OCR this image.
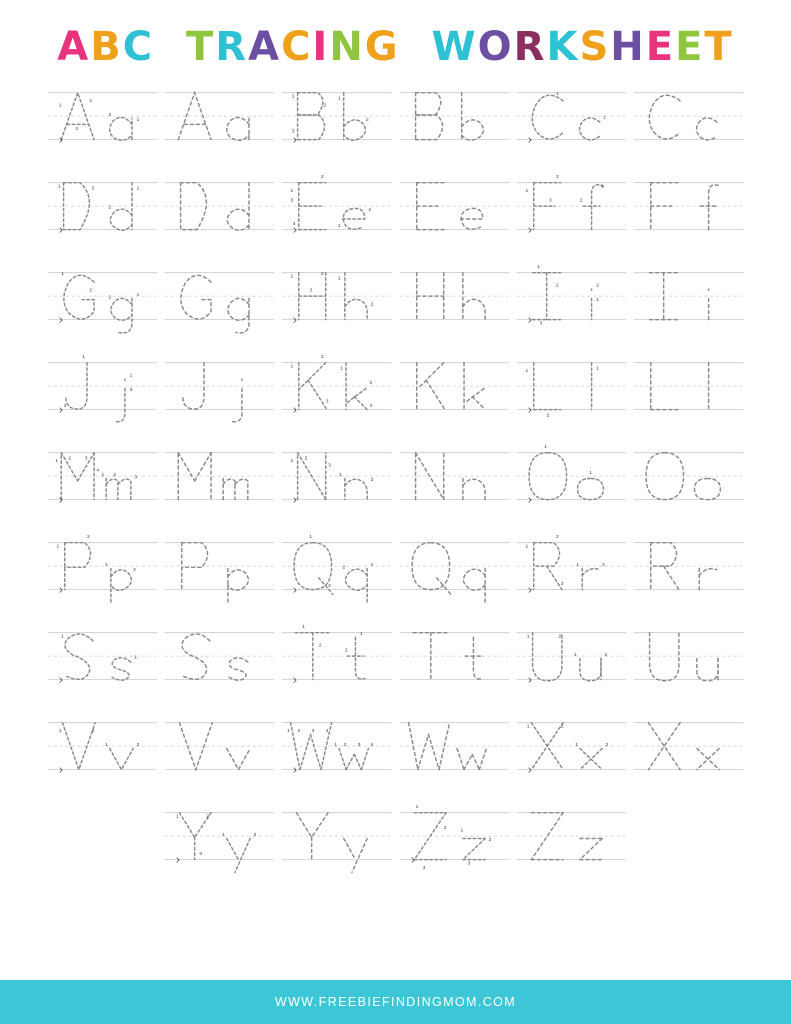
ABC TRACING WORKSHEET
1
2
3
1
2
1
2
3
1
2
1
1
1	2	1
2
1
2
3
4
2
1
1
2
3
1
2
1
2
1
2
1	2
3
1
2
1
2
3
1
2
1
2
3
1
1
2
3
1
2
3
1
2
1
1 2	3
4
1 2	3
1 2
3
1
2
1
1
1
2
1
2
1
2
1
2
1
2
3
1	2
1
1
1
2
1
2
1	2
1	2
1	2
1	2
1 2 3 4
1 2 3 4
1	2
1	2
1	2
3
1	2
1
2
3
1
2
3
WWW.FREEBIEFINDINGMOM.COM
